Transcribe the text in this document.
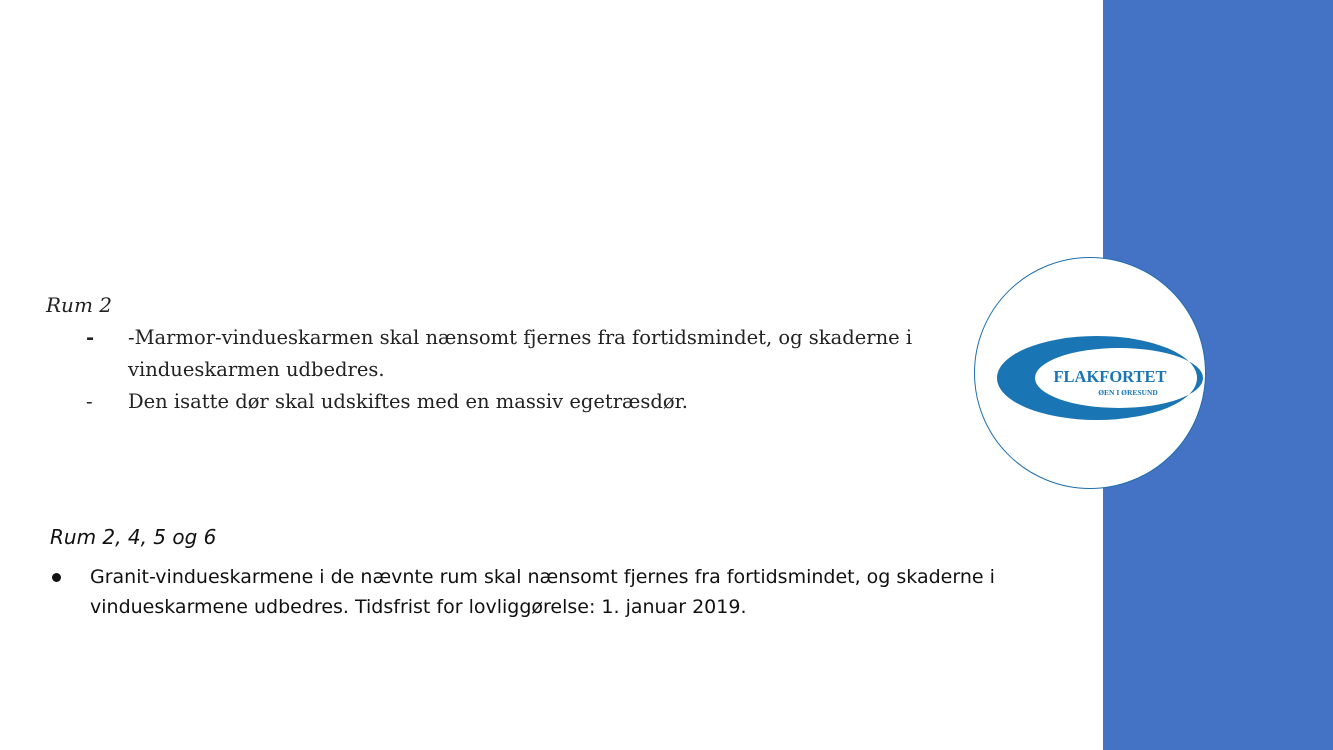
FLAKFORTET
ØEN I ØRESUND
Rum 2
- -Marmor-vindueskarmen skal nænsomt fjernes fra fortidsmindet, og skaderne i vindueskarmen udbedres.
- Den isatte dør skal udskiftes med en massiv egetræsdør.
Rum 2, 4, 5 og 6
Granit-vindueskarmene i de nævnte rum skal nænsomt fjernes fra fortidsmindet, og skaderne i vindueskarmene udbedres. Tidsfrist for lovliggørelse: 1. januar 2019.
